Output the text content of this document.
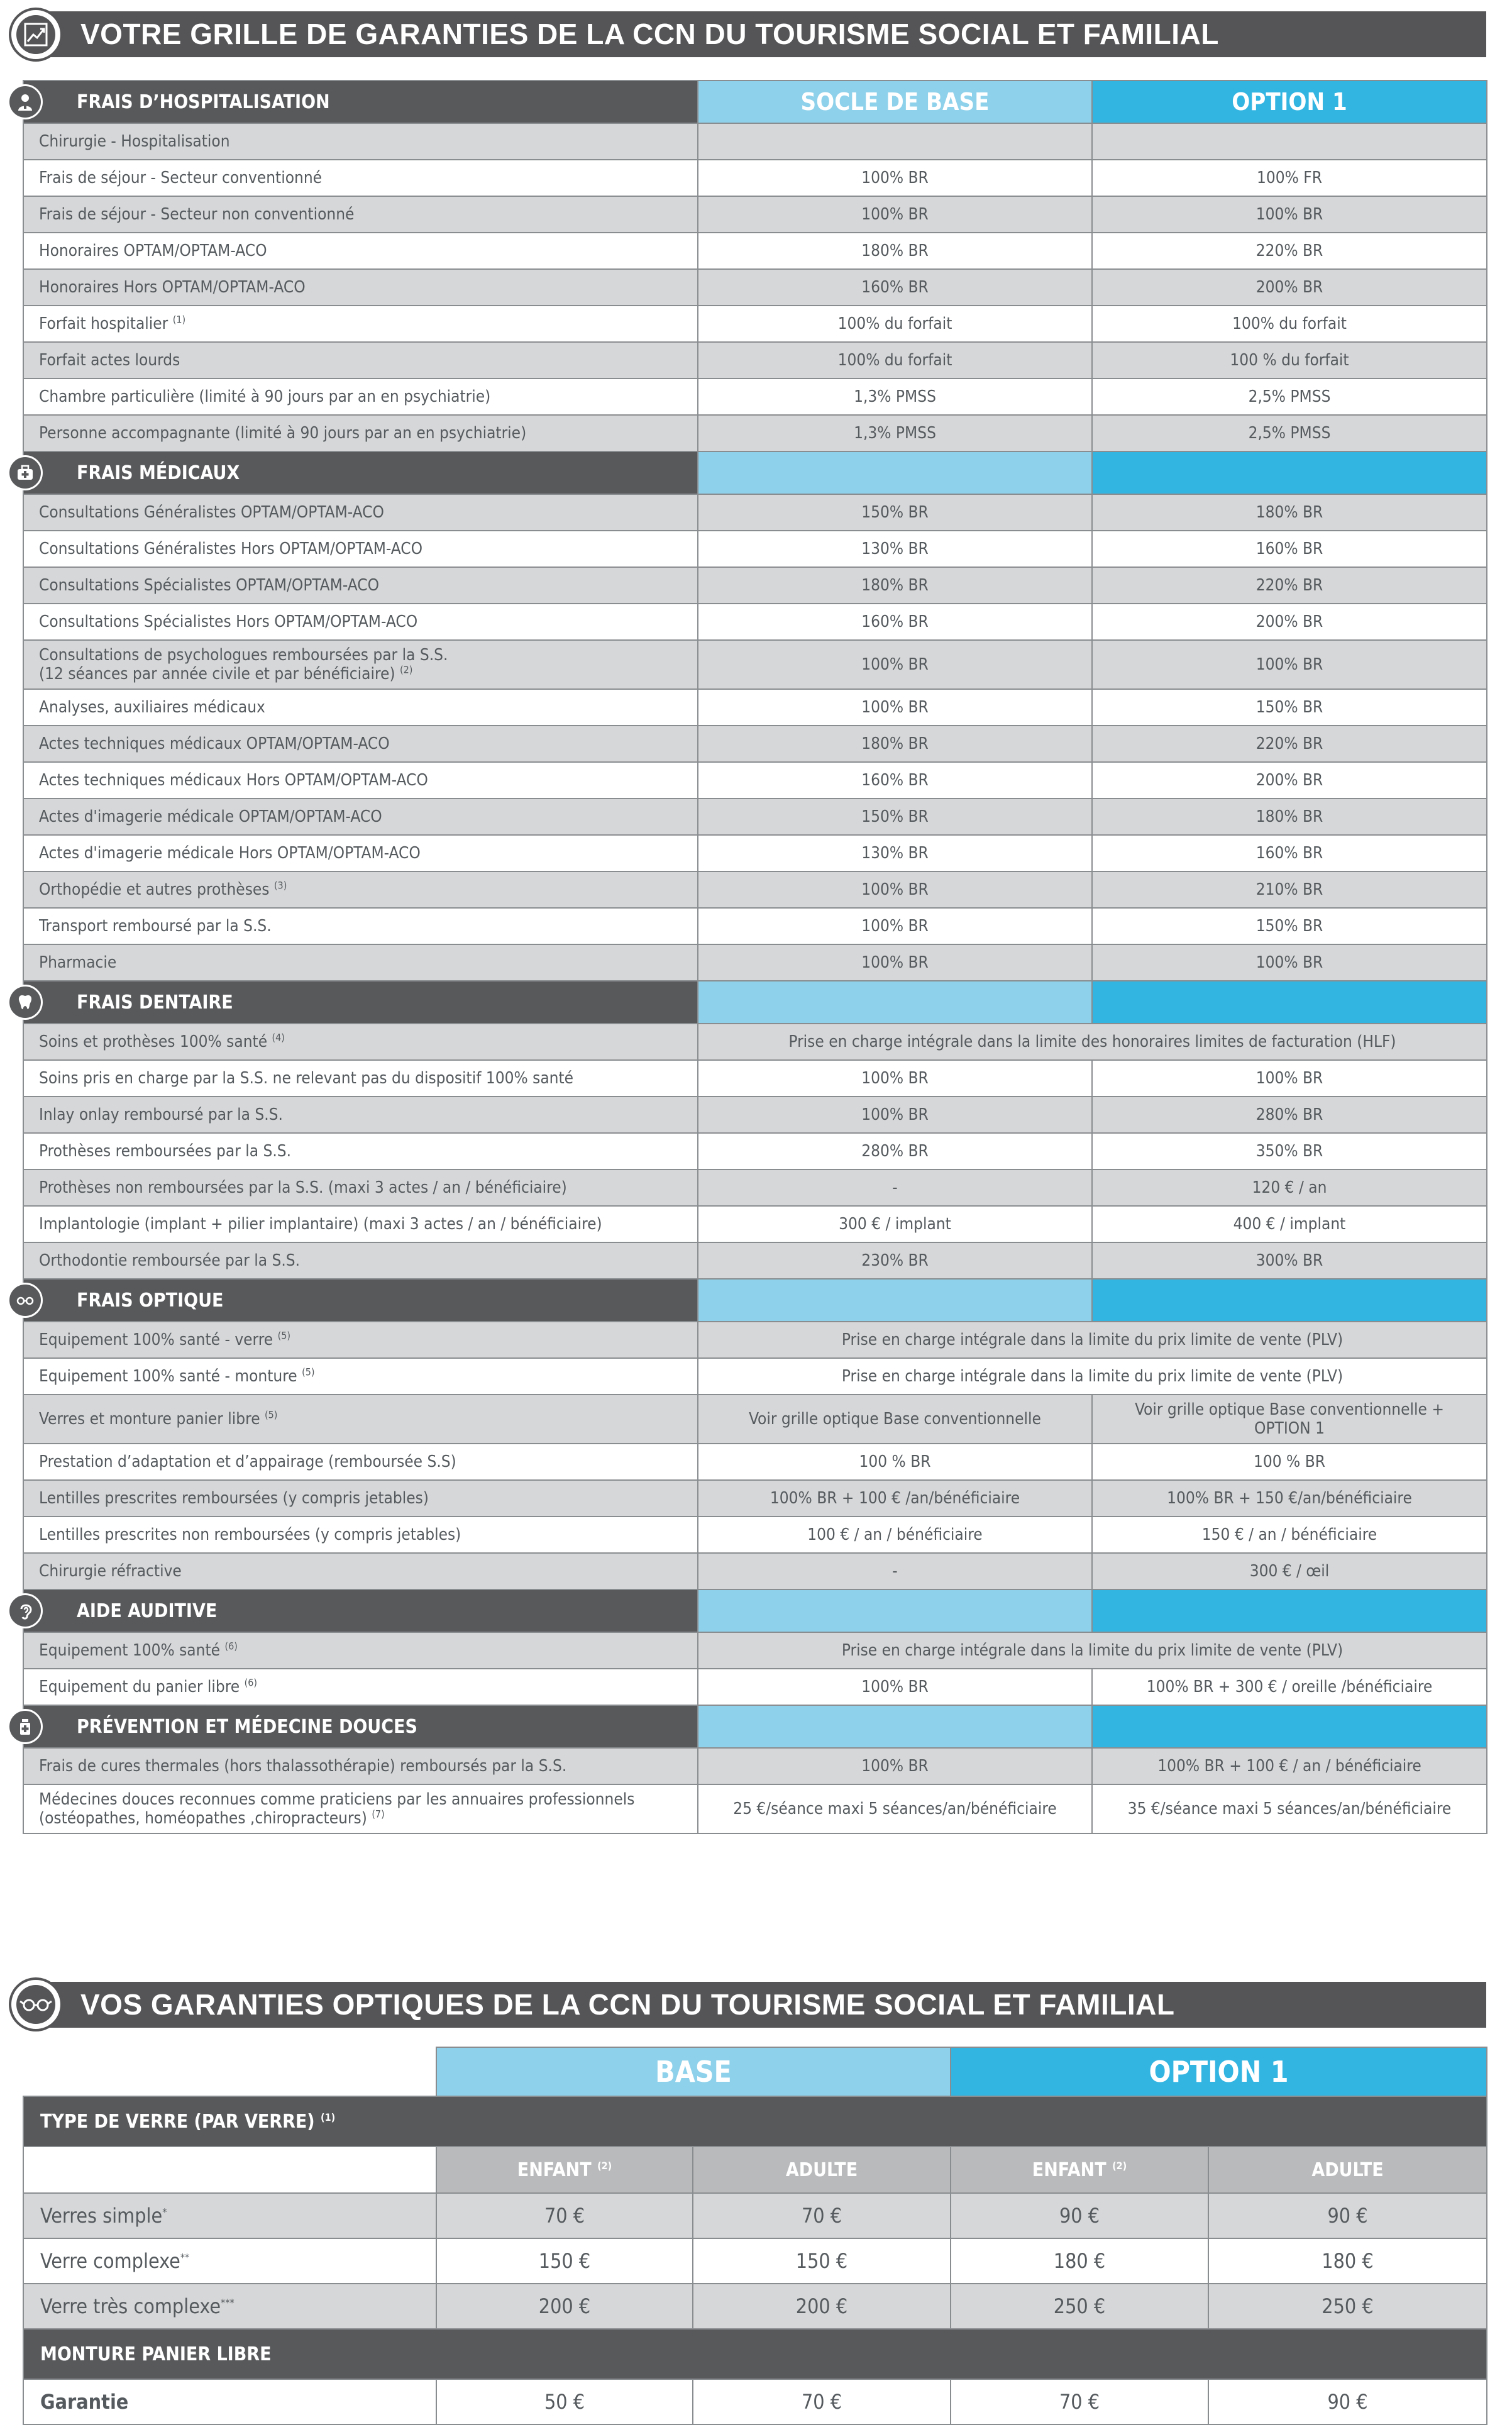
VOTRE GRILLE DE GARANTIES DE LA CCN DU TOURISME SOCIAL ET FAMILIAL
FRAIS D’HOSPITALISATION	SOCLE DE BASE	OPTION 1
Chirurgie - Hospitalisation		
Frais de séjour - Secteur conventionné	100% BR	100% FR
Frais de séjour - Secteur non conventionné	100% BR	100% BR
Honoraires OPTAM/OPTAM-ACO	180% BR	220% BR
Honoraires Hors OPTAM/OPTAM-ACO	160% BR	200% BR
Forfait hospitalier $^{(1)}$	100% du forfait	100% du forfait
Forfait actes lourds	100% du forfait	100 % du forfait
Chambre particulière (limité à 90 jours par an en psychiatrie)	1,3% PMSS	2,5% PMSS
Personne accompagnante (limité à 90 jours par an en psychiatrie)	1,3% PMSS	2,5% PMSS

FRAIS MÉDICAUX		
Consultations Généralistes OPTAM/OPTAM-ACO	150% BR	180% BR
Consultations Généralistes Hors OPTAM/OPTAM-ACO	130% BR	160% BR
Consultations Spécialistes OPTAM/OPTAM-ACO	180% BR	220% BR
Consultations Spécialistes Hors OPTAM/OPTAM-ACO	160% BR	200% BR
Consultations de psychologues remboursées par la S.S.
(12 séances par année civile et par bénéficiaire) $^{(2)}$	100% BR	100% BR
Analyses, auxiliaires médicaux	100% BR	150% BR
Actes techniques médicaux OPTAM/OPTAM-ACO	180% BR	220% BR
Actes techniques médicaux Hors OPTAM/OPTAM-ACO	160% BR	200% BR
Actes d'imagerie médicale OPTAM/OPTAM-ACO	150% BR	180% BR
Actes d'imagerie médicale Hors OPTAM/OPTAM-ACO	130% BR	160% BR
Orthopédie et autres prothèses $^{(3)}$	100% BR	210% BR
Transport remboursé par la S.S.	100% BR	150% BR
Pharmacie	100% BR	100% BR

FRAIS DENTAIRE		
Soins et prothèses 100% santé $^{(4)}$	Prise en charge intégrale dans la limite des honoraires limites de facturation (HLF)	
Soins pris en charge par la S.S. ne relevant pas du dispositif 100% santé	100% BR	100% BR
Inlay onlay remboursé par la S.S.	100% BR	280% BR
Prothèses remboursées par la S.S.	280% BR	350% BR
Prothèses non remboursées par la S.S. (maxi 3 actes / an / bénéficiaire)	-	120 € / an
Implantologie (implant + pilier implantaire) (maxi 3 actes / an / bénéficiaire)	300 € / implant	400 € / implant
Orthodontie remboursée par la S.S.	230% BR	300% BR

FRAIS OPTIQUE		
Equipement 100% santé - verre $^{(5)}$	Prise en charge intégrale dans la limite du prix limite de vente (PLV)	
Equipement 100% santé - monture $^{(5)}$	Prise en charge intégrale dans la limite du prix limite de vente (PLV)	
Verres et monture panier libre $^{(5)}$	Voir grille optique Base conventionnelle	Voir grille optique Base conventionnelle +
OPTION 1
Prestation d’adaptation et d’appairage (remboursée S.S)	100 % BR	100 % BR
Lentilles prescrites remboursées (y compris jetables)	100% BR + 100 € /an/bénéficiaire	100% BR + 150 €/an/bénéficiaire
Lentilles prescrites non remboursées (y compris jetables)	100 € / an / bénéficiaire	150 € / an / bénéficiaire
Chirurgie réfractive	-	300 € / œil

AIDE AUDITIVE		
Equipement 100% santé $^{(6)}$	Prise en charge intégrale dans la limite du prix limite de vente (PLV)	
Equipement du panier libre $^{(6)}$	100% BR	100% BR + 300 € / oreille /bénéficiaire

PRÉVENTION ET MÉDECINE DOUCES		
Frais de cures thermales (hors thalassothérapie) remboursés par la S.S.	100% BR	100% BR + 100 € / an / bénéficiaire
Médecines douces reconnues comme praticiens par les annuaires professionnels
(ostéopathes, homéopathes ,chiropracteurs) $^{(7)}$	25 €/séance maxi 5 séances/an/bénéficiaire	35 €/séance maxi 5 séances/an/bénéficiaire
VOS GARANTIES OPTIQUES DE LA CCN DU TOURISME SOCIAL ET FAMILIAL
	BASE		OPTION 1	
TYPE DE VERRE (PAR VERRE) $^{(1)}$
	ENFANT $^{(2)}$	ADULTE	ENFANT $^{(2)}$	ADULTE
Verres simple*	70 €	70 €	90 €	90 €
Verre complexe**	150 €	150 €	180 €	180 €
Verre très complexe***	200 €	200 €	250 €	250 €
MONTURE PANIER LIBRE				
Garantie	50 €	70 €	70 €	90 €
